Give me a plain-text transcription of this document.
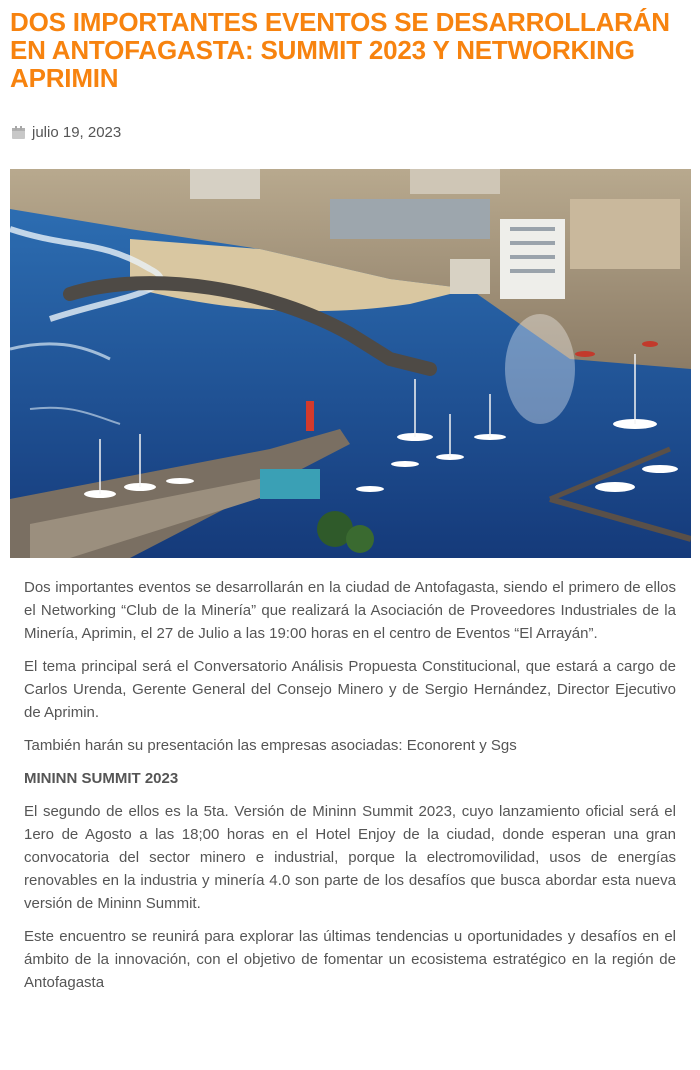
DOS IMPORTANTES EVENTOS SE DESARROLLARÁN EN ANTOFAGASTA: SUMMIT 2023 Y NETWORKING APRIMIN
julio 19, 2023

Dos importantes eventos se desarrollarán en la ciudad de Antofagasta, siendo el primero de ellos el Networking “Club de la Minería” que realizará la Asociación de Proveedores Industriales de la Minería, Aprimin, el 27 de Julio a las 19:00 horas en el centro de Eventos “El Arrayán”.

El tema principal será el Conversatorio Análisis Propuesta Constitucional, que estará a cargo de Carlos Urenda, Gerente General del Consejo Minero y de Sergio Hernández, Director Ejecutivo de Aprimin.

También harán su presentación las empresas asociadas: Econorent y Sgs

MININN SUMMIT 2023

El segundo de ellos es la 5ta. Versión de Mininn Summit 2023, cuyo lanzamiento oficial será el 1ero de Agosto a las 18;00 horas en el Hotel Enjoy de la ciudad, donde esperan una gran convocatoria del sector minero e industrial, porque la electromovilidad, usos de energías renovables en la industria y minería 4.0 son parte de los desafíos que busca abordar esta nueva versión de Mininn Summit.

Este encuentro se reunirá para explorar las últimas tendencias u oportunidades y desafíos en el ámbito de la innovación, con el objetivo de fomentar un ecosistema estratégico en la región de Antofagasta
